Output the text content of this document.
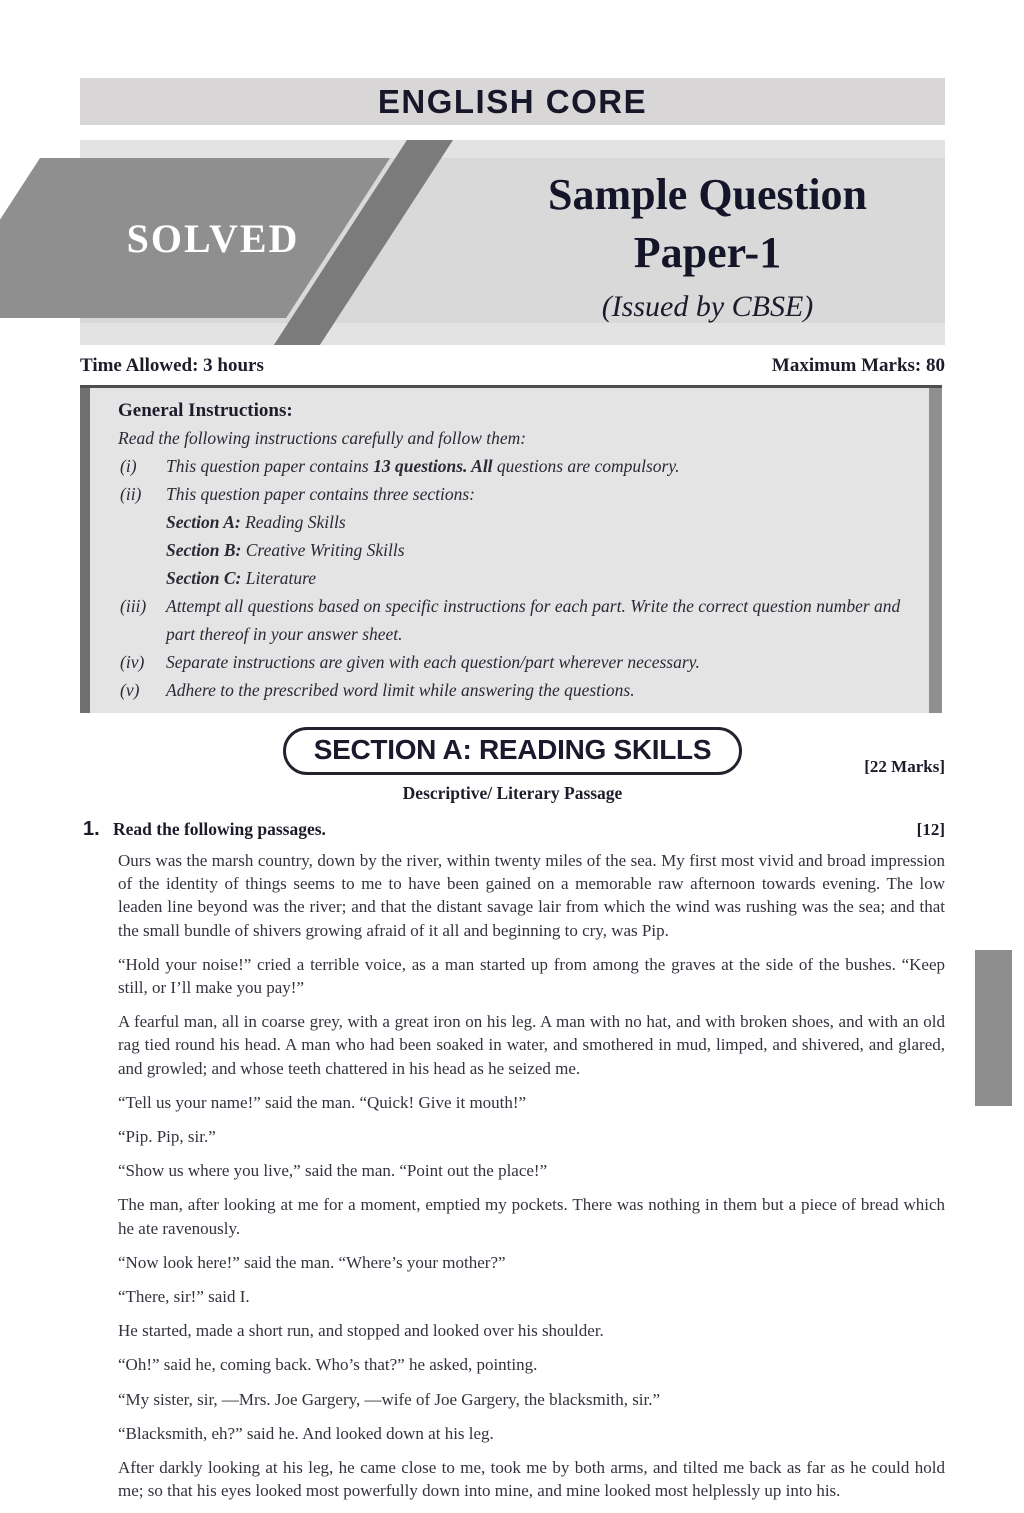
ENGLISH CORE
SOLVED
Sample Question
Paper-1
(Issued by CBSE)
Time Allowed: 3 hours	Maximum Marks: 80
General Instructions:
Read the following instructions carefully and follow them:
(i)	This question paper contains 13 questions. All questions are compulsory.
(ii)	This question paper contains three sections:
Section A: Reading Skills
Section B: Creative Writing Skills
Section C: Literature
(iii)	Attempt all questions based on specific instructions for each part. Write the correct question number and part thereof in your answer sheet.
(iv)	Separate instructions are given with each question/part wherever necessary.
(v)	Adhere to the prescribed word limit while answering the questions.
SECTION A: READING SKILLS
[22 Marks]
Descriptive/ Literary Passage
1. Read the following passages.	[12]

Ours was the marsh country, down by the river, within twenty miles of the sea. My first most vivid and broad impression of the identity of things seems to me to have been gained on a memorable raw afternoon towards evening. The low leaden line beyond was the river; and that the distant savage lair from which the wind was rushing was the sea; and that the small bundle of shivers growing afraid of it all and beginning to cry, was Pip.

“Hold your noise!” cried a terrible voice, as a man started up from among the graves at the side of the bushes. “Keep still, or I’ll make you pay!”

A fearful man, all in coarse grey, with a great iron on his leg. A man with no hat, and with broken shoes, and with an old rag tied round his head. A man who had been soaked in water, and smothered in mud, limped, and shivered, and glared, and growled; and whose teeth chattered in his head as he seized me.

“Tell us your name!” said the man. “Quick! Give it mouth!”

“Pip. Pip, sir.”

“Show us where you live,” said the man. “Point out the place!”

The man, after looking at me for a moment, emptied my pockets. There was nothing in them but a piece of bread which he ate ravenously.

“Now look here!” said the man. “Where’s your mother?”

“There, sir!” said I.

He started, made a short run, and stopped and looked over his shoulder.

“Oh!” said he, coming back. Who’s that?” he asked, pointing.

“My sister, sir, —Mrs. Joe Gargery, —wife of Joe Gargery, the blacksmith, sir.”

“Blacksmith, eh?” said he. And looked down at his leg.

After darkly looking at his leg, he came close to me, took me by both arms, and tilted me back as far as he could hold me; so that his eyes looked most powerfully down into mine, and mine looked most helplessly up into his.
